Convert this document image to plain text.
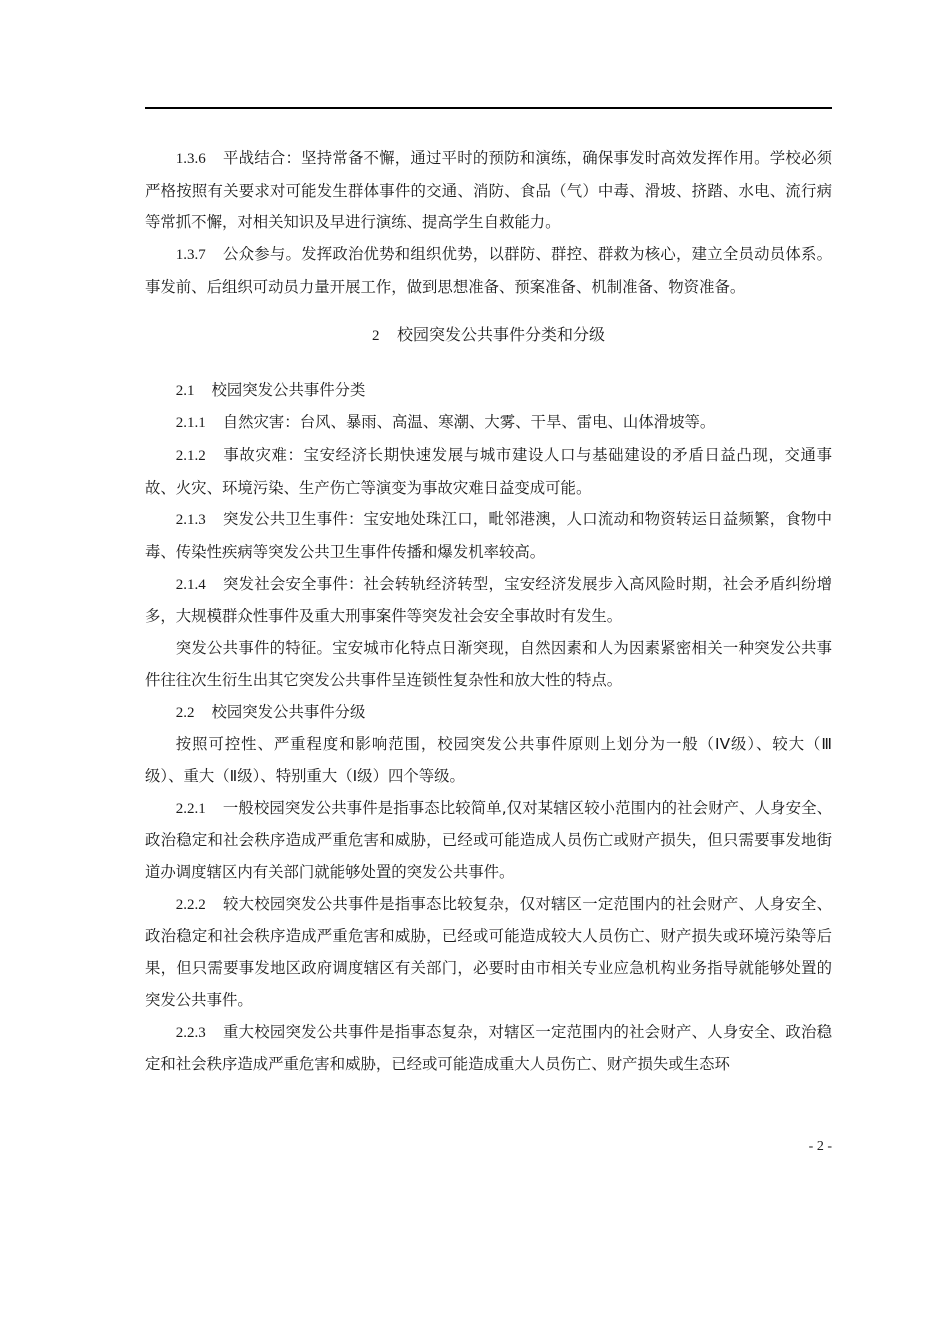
1.3.6 平战结合：坚持常备不懈，通过平时的预防和演练，确保事发时高效发挥作用。学校必须严格按照有关要求对可能发生群体事件的交通、消防、食品（气）中毒、滑坡、挤踏、水电、流行病等常抓不懈，对相关知识及早进行演练、提高学生自救能力。

1.3.7 公众参与。发挥政治优势和组织优势，以群防、群控、群救为核心，建立全员动员体系。事发前、后组织可动员力量开展工作，做到思想准备、预案准备、机制准备、物资准备。

2 校园突发公共事件分类和分级

2.1 校园突发公共事件分类

2.1.1 自然灾害：台风、暴雨、高温、寒潮、大雾、干旱、雷电、山体滑坡等。

2.1.2 事故灾难：宝安经济长期快速发展与城市建设人口与基础建设的矛盾日益凸现，交通事故、火灾、环境污染、生产伤亡等演变为事故灾难日益变成可能。

2.1.3 突发公共卫生事件：宝安地处珠江口，毗邻港澳，人口流动和物资转运日益频繁，食物中毒、传染性疾病等突发公共卫生事件传播和爆发机率较高。

2.1.4 突发社会安全事件：社会转轨经济转型，宝安经济发展步入高风险时期，社会矛盾纠纷增多，大规模群众性事件及重大刑事案件等突发社会安全事故时有发生。

突发公共事件的特征。宝安城市化特点日渐突现，自然因素和人为因素紧密相关一种突发公共事件往往次生衍生出其它突发公共事件呈连锁性复杂性和放大性的特点。

2.2 校园突发公共事件分级

按照可控性、严重程度和影响范围，校园突发公共事件原则上划分为一般（IV级）、较大（Ⅲ级）、重大（Ⅱ级）、特别重大（Ⅰ级）四个等级。

2.2.1 一般校园突发公共事件是指事态比较简单,仅对某辖区较小范围内的社会财产、人身安全、政治稳定和社会秩序造成严重危害和威胁，已经或可能造成人员伤亡或财产损失，但只需要事发地街道办调度辖区内有关部门就能够处置的突发公共事件。

2.2.2 较大校园突发公共事件是指事态比较复杂，仅对辖区一定范围内的社会财产、人身安全、政治稳定和社会秩序造成严重危害和威胁，已经或可能造成较大人员伤亡、财产损失或环境污染等后果，但只需要事发地区政府调度辖区有关部门，必要时由市相关专业应急机构业务指导就能够处置的突发公共事件。

2.2.3 重大校园突发公共事件是指事态复杂，对辖区一定范围内的社会财产、人身安全、政治稳定和社会秩序造成严重危害和威胁，已经或可能造成重大人员伤亡、财产损失或生态环

- 2 -
